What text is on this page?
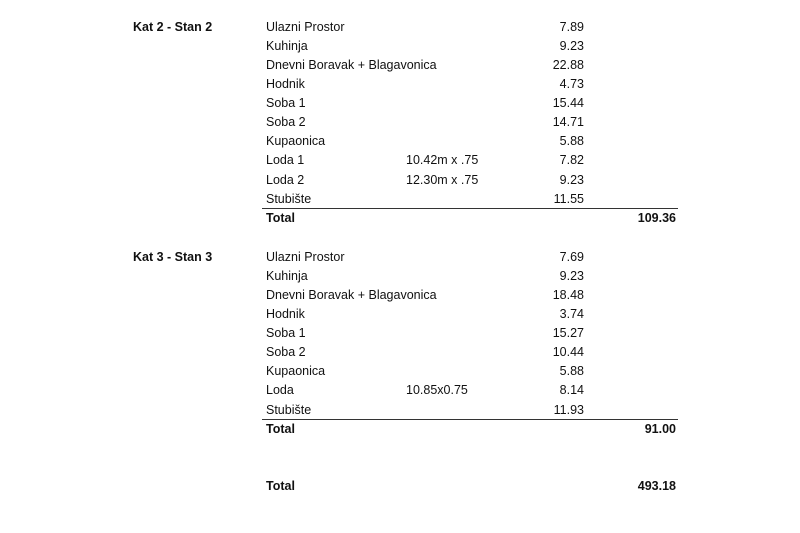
Kat 2 - Stan 2	Ulazni Prostor	7.89
Kuhinja	9.23
Dnevni Boravak + Blagavonica	22.88
Hodnik	4.73
Soba 1	15.44
Soba 2	14.71
Kupaonica	5.88
Loda 1	10.42m x .75	7.82
Loda 2	12.30m x .75	9.23
Stubište	11.55
Total	109.36
Kat 3 - Stan 3	Ulazni Prostor	7.69
Kuhinja	9.23
Dnevni Boravak + Blagavonica	18.48
Hodnik	3.74
Soba 1	15.27
Soba 2	10.44
Kupaonica	5.88
Loda	10.85x0.75	8.14
Stubište	11.93
Total	91.00
Total	493.18
